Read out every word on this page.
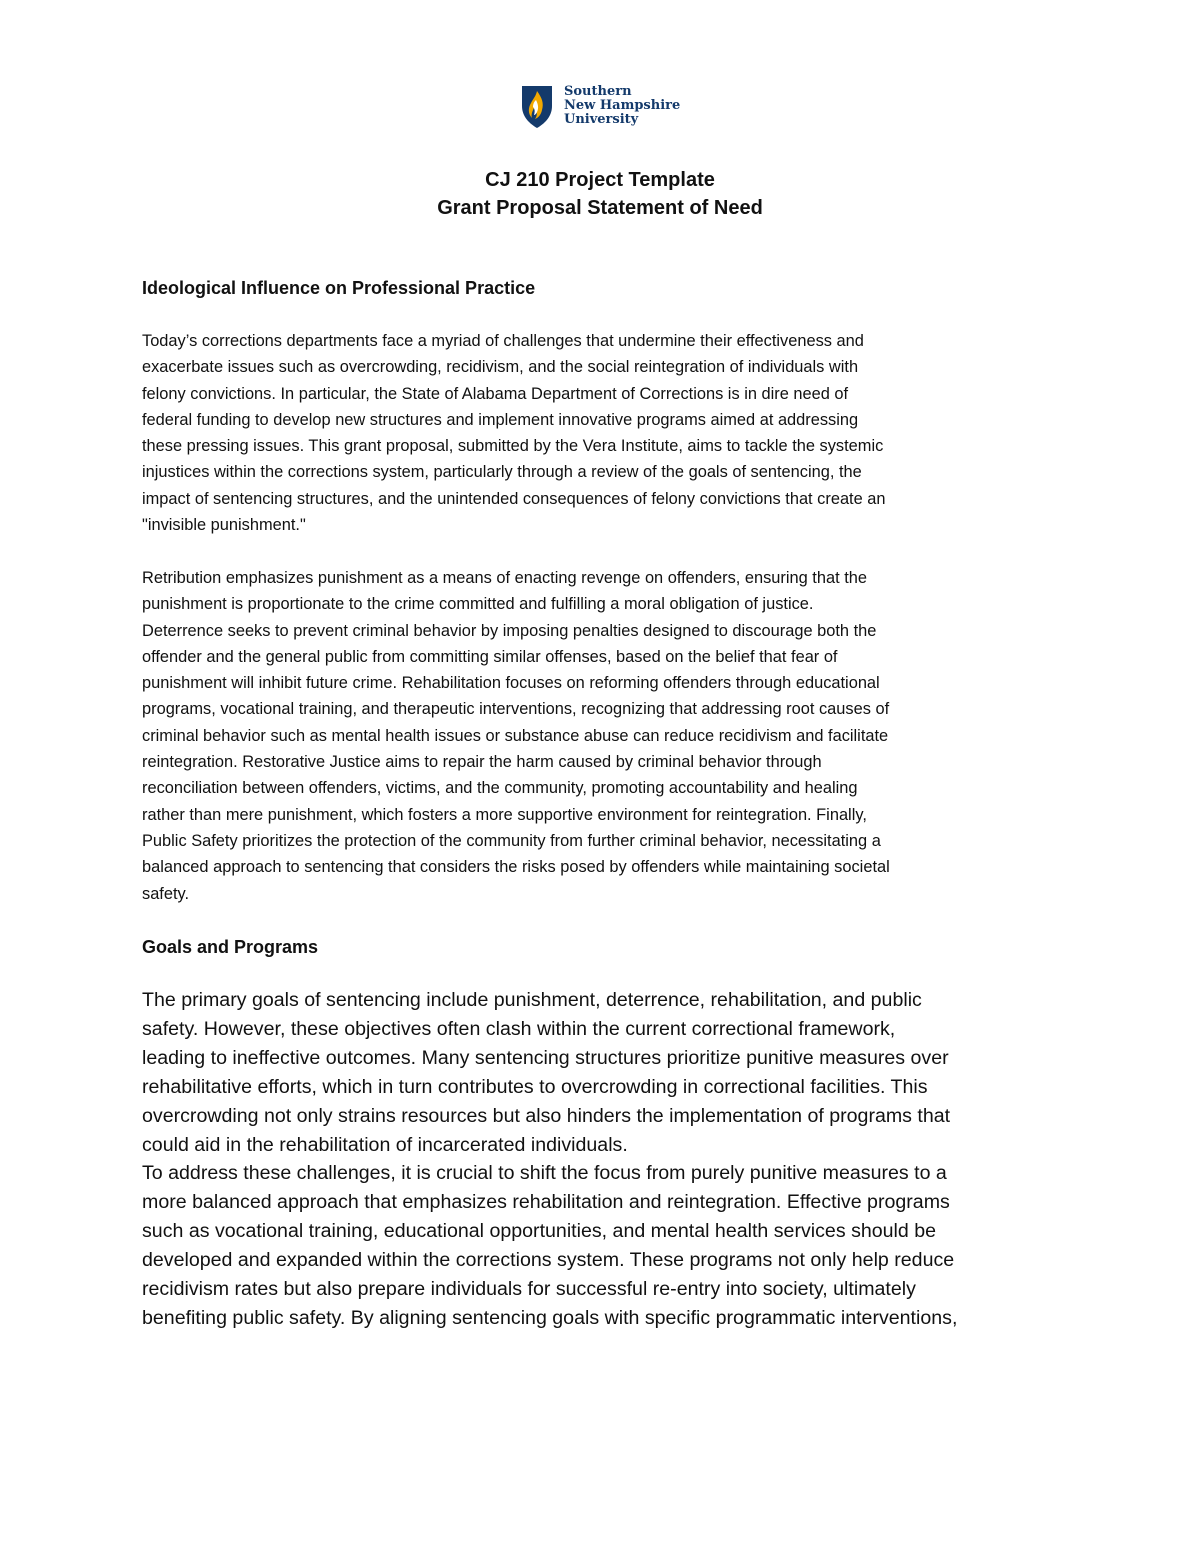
Southern
New Hampshire
University
CJ 210 Project Template
Grant Proposal Statement of Need
Ideological Influence on Professional Practice
Today’s corrections departments face a myriad of challenges that undermine their effectiveness and
exacerbate issues such as overcrowding, recidivism, and the social reintegration of individuals with
felony convictions. In particular, the State of Alabama Department of Corrections is in dire need of
federal funding to develop new structures and implement innovative programs aimed at addressing
these pressing issues. This grant proposal, submitted by the Vera Institute, aims to tackle the systemic
injustices within the corrections system, particularly through a review of the goals of sentencing, the
impact of sentencing structures, and the unintended consequences of felony convictions that create an
"invisible punishment."
Retribution emphasizes punishment as a means of enacting revenge on offenders, ensuring that the
punishment is proportionate to the crime committed and fulfilling a moral obligation of justice.
Deterrence seeks to prevent criminal behavior by imposing penalties designed to discourage both the
offender and the general public from committing similar offenses, based on the belief that fear of
punishment will inhibit future crime. Rehabilitation focuses on reforming offenders through educational
programs, vocational training, and therapeutic interventions, recognizing that addressing root causes of
criminal behavior such as mental health issues or substance abuse can reduce recidivism and facilitate
reintegration. Restorative Justice aims to repair the harm caused by criminal behavior through
reconciliation between offenders, victims, and the community, promoting accountability and healing
rather than mere punishment, which fosters a more supportive environment for reintegration. Finally,
Public Safety prioritizes the protection of the community from further criminal behavior, necessitating a
balanced approach to sentencing that considers the risks posed by offenders while maintaining societal
safety.
Goals and Programs
The primary goals of sentencing include punishment, deterrence, rehabilitation, and public
safety. However, these objectives often clash within the current correctional framework,
leading to ineffective outcomes. Many sentencing structures prioritize punitive measures over
rehabilitative efforts, which in turn contributes to overcrowding in correctional facilities. This
overcrowding not only strains resources but also hinders the implementation of programs that
could aid in the rehabilitation of incarcerated individuals.
To address these challenges, it is crucial to shift the focus from purely punitive measures to a
more balanced approach that emphasizes rehabilitation and reintegration. Effective programs
such as vocational training, educational opportunities, and mental health services should be
developed and expanded within the corrections system. These programs not only help reduce
recidivism rates but also prepare individuals for successful re-entry into society, ultimately
benefiting public safety. By aligning sentencing goals with specific programmatic interventions,
